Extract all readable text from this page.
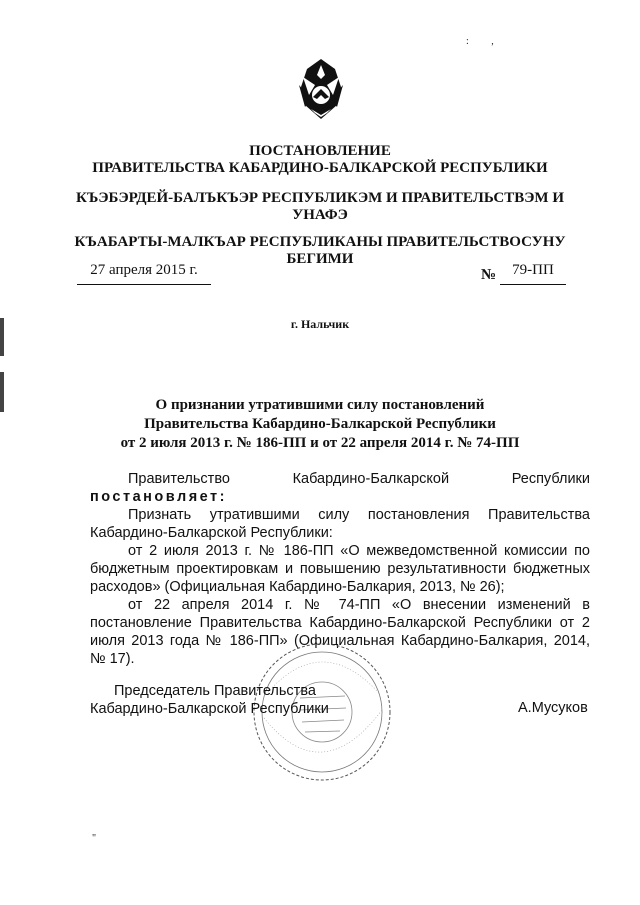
: ,
"
ПОСТАНОВЛЕНИЕ
ПРАВИТЕЛЬСТВА КАБАРДИНО-БАЛКАРСКОЙ РЕСПУБЛИКИ
КЪЭБЭРДЕЙ-БАЛЪКЪЭР РЕСПУБЛИКЭМ И ПРАВИТЕЛЬСТВЭМ И
УНАФЭ
КЪАБАРТЫ-МАЛКЪАР РЕСПУБЛИКАНЫ ПРАВИТЕЛЬСТВОСУНУ
БЕГИМИ
27 апреля 2015 г.	№	79-ПП
г. Нальчик
О признании утратившими силу постановлений
Правительства Кабардино-Балкарской Республики
от 2 июля 2013 г. № 186-ПП и от 22 апреля 2014 г. № 74-ПП

Правительство Кабардино-Балкарской Республики постановляет:

Признать утратившими силу постановления Правительства Кабардино-Балкарской Республики:

от 2 июля 2013 г. № 186-ПП «О межведомственной комиссии по бюджетным проектировкам и повышению результативности бюджетных расходов» (Официальная Кабардино-Балкария, 2013, № 26);

от 22 апреля 2014 г. № 74-ПП «О внесении изменений в постановление Правительства Кабардино-Балкарской Республики от 2 июля 2013 года № 186-ПП» (Официальная Кабардино-Балкария, 2014, № 17).

Председатель Правительства
Кабардино-Балкарской Республики	А.Мусуков
